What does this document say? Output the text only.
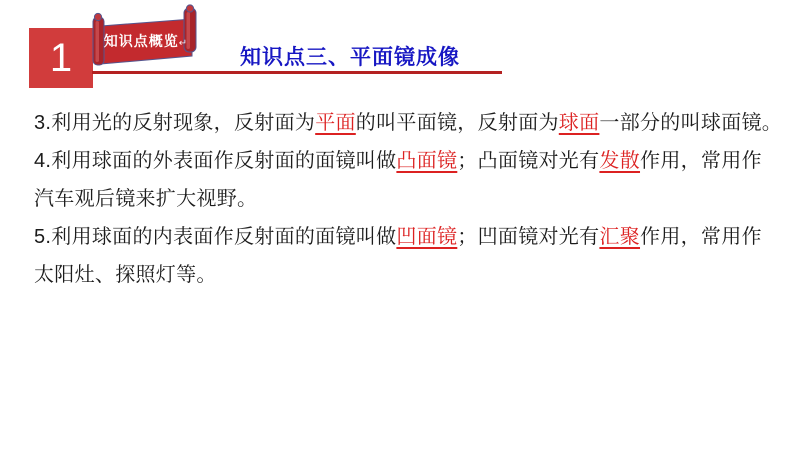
1 知识点概览↵
知识点三、平面镜成像
3.利用光的反射现象，反射面为平面的叫平面镜，反射面为球面一部分的叫球面镜。
4.利用球面的外表面作反射面的面镜叫做凸面镜；凸面镜对光有发散作用，常用作
汽车观后镜来扩大视野。
5.利用球面的内表面作反射面的面镜叫做凹面镜；凹面镜对光有汇聚作用，常用作
太阳灶、探照灯等。
